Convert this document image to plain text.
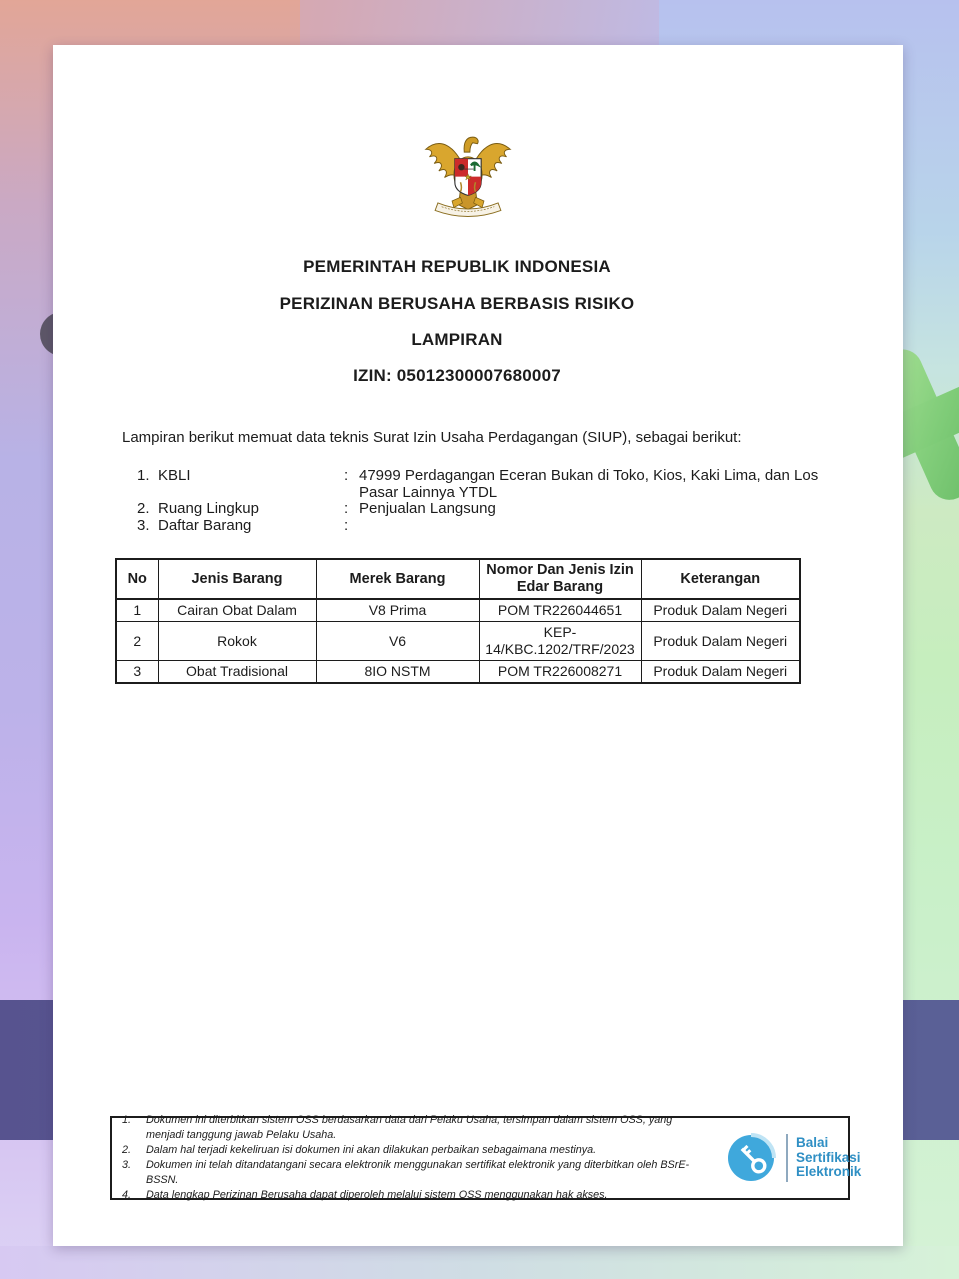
PEMERINTAH REPUBLIK INDONESIA
PERIZINAN BERUSAHA BERBASIS RISIKO
LAMPIRAN
IZIN: 05012300007680007
Lampiran berikut memuat data teknis Surat Izin Usaha Perdagangan (SIUP), sebagai berikut:
1. KBLI	: 47999 Perdagangan Eceran Bukan di Toko, Kios, Kaki Lima, dan Los Pasar Lainnya YTDL
2. Ruang Lingkup	: Penjualan Langsung
3. Daftar Barang	:
No	Jenis Barang	Merek Barang	Nomor Dan Jenis Izin Edar Barang	Keterangan
1	Cairan Obat Dalam	V8 Prima	POM TR226044651	Produk Dalam Negeri
2	Rokok	V6	KEP-14/KBC.1202/TRF/2023	Produk Dalam Negeri
3	Obat Tradisional	8IO NSTM	POM TR226008271	Produk Dalam Negeri
1.	Dokumen ini diterbitkan sistem OSS berdasarkan data dari Pelaku Usaha, tersimpan dalam sistem OSS, yang menjadi tanggung jawab Pelaku Usaha.
2.	Dalam hal terjadi kekeliruan isi dokumen ini akan dilakukan perbaikan sebagaimana mestinya.
3.	Dokumen ini telah ditandatangani secara elektronik menggunakan sertifikat elektronik yang diterbitkan oleh BSrE-BSSN.
4.	Data lengkap Perizinan Berusaha dapat diperoleh melalui sistem OSS menggunakan hak akses.
Balai
Sertifikasi
Elektronik
